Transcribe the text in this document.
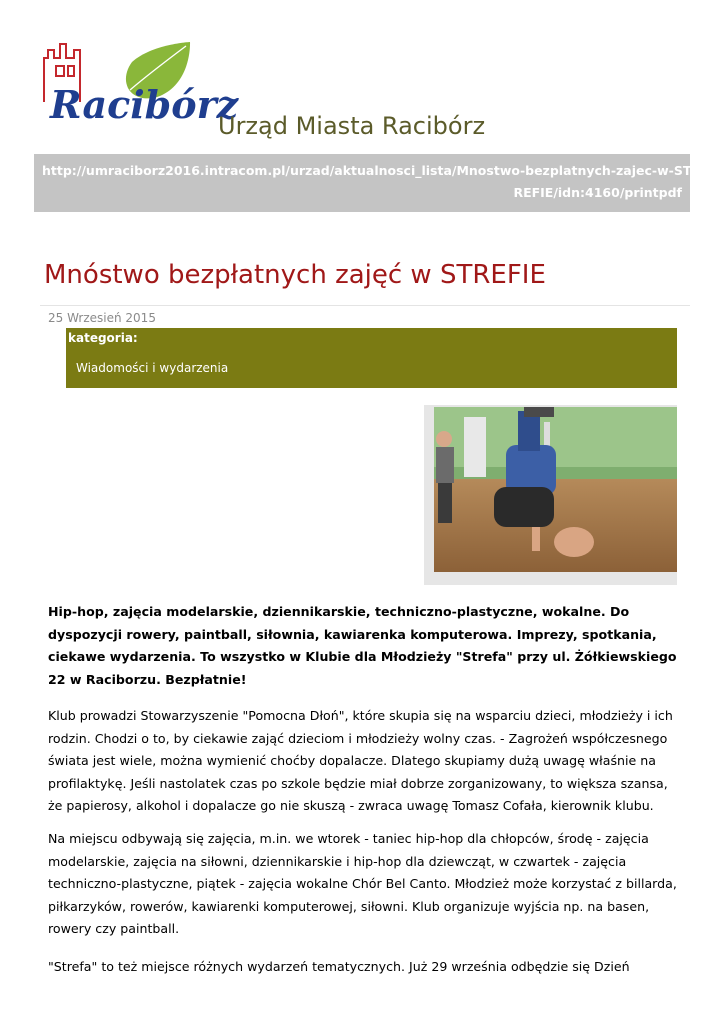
Racibórz
Urząd Miasta Racibórz
http://umraciborz2016.intracom.pl/urzad/aktualnosci_lista/Mnostwo-bezplatnych-zajec-w-ST
REFIE/idn:4160/printpdf
Mnóstwo bezpłatnych zajęć w STREFIE
25 Wrzesień 2015
kategoria:
Wiadomości i wydarzenia

Hip-hop, zajęcia modelarskie, dziennikarskie, techniczno-plastyczne, wokalne. Do dyspozycji rowery, paintball, siłownia, kawiarenka komputerowa. Imprezy, spotkania, ciekawe wydarzenia. To wszystko w Klubie dla Młodzieży "Strefa" przy ul. Żółkiewskiego 22 w Raciborzu. Bezpłatnie!

Klub prowadzi Stowarzyszenie "Pomocna Dłoń", które skupia się na wsparciu dzieci, młodzieży i ich rodzin. Chodzi o to, by ciekawie zająć dzieciom i młodzieży wolny czas. - Zagrożeń współczesnego świata jest wiele, można wymienić choćby dopalacze. Dlatego skupiamy dużą uwagę właśnie na profilaktykę. Jeśli nastolatek czas po szkole będzie miał dobrze zorganizowany, to większa szansa, że papierosy, alkohol i dopalacze go nie skuszą - zwraca uwagę Tomasz Cofała, kierownik klubu.

Na miejscu odbywają się zajęcia, m.in. we wtorek - taniec hip-hop dla chłopców, środę - zajęcia modelarskie, zajęcia na siłowni, dziennikarskie i hip-hop dla dziewcząt, w czwartek - zajęcia techniczno-plastyczne, piątek - zajęcia wokalne Chór Bel Canto. Młodzież może korzystać z billarda, piłkarzyków, rowerów, kawiarenki komputerowej, siłowni. Klub organizuje wyjścia np. na basen, rowery czy paintball.

"Strefa" to też miejsce różnych wydarzeń tematycznych. Już 29 września odbędzie się Dzień
